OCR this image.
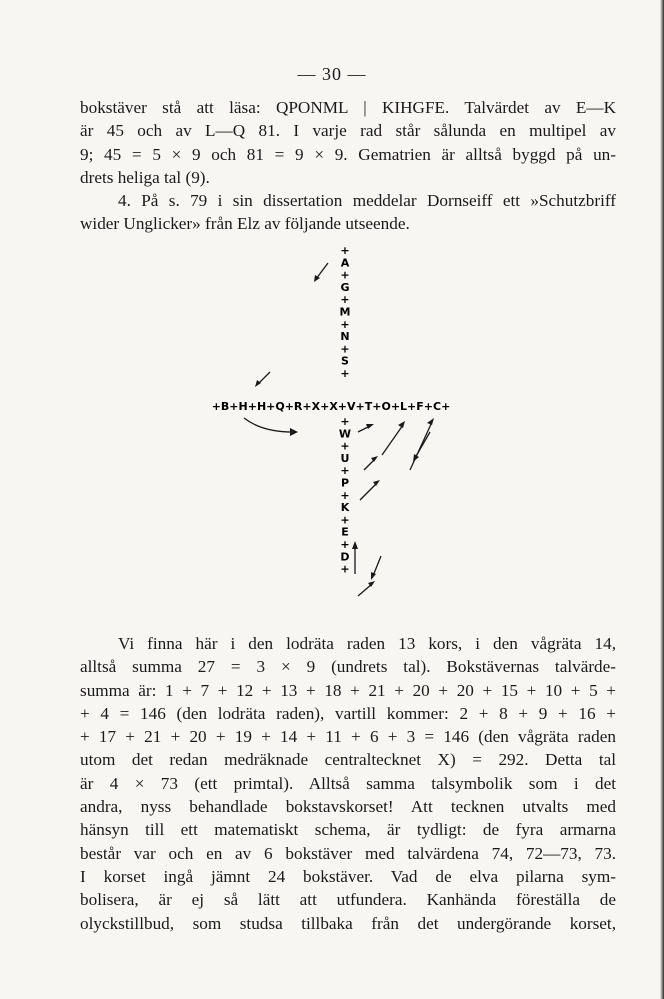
— 30 —
bokstäver stå att läsa: QPONML | KIHGFE. Talvärdet av E—K
är 45 och av L—Q 81. I varje rad står sålunda en multipel av
9; 45 = 5 × 9 och 81 = 9 × 9. Gematrien är alltså byggd på un-
drets heliga tal (9).
4. På s. 79 i sin dissertation meddelar Dornseiff ett »Schutzbriff
wider Unglicker» från Elz av följande utseende.
+
A
+
G
+
M
+
N
+
S
+
+B+H+H+Q+R+X+X+V+T+O+L+F+C+
+
W
+
U
+
P
+
K
+
E
+
D
+
Vi finna här i den lodräta raden 13 kors, i den vågräta 14,
alltså summa 27 = 3 × 9 (undrets tal). Bokstävernas talvärde-
summa är: 1 + 7 + 12 + 13 + 18 + 21 + 20 + 20 + 15 + 10 + 5 +
+ 4 = 146 (den lodräta raden), vartill kommer: 2 + 8 + 9 + 16 +
+ 17 + 21 + 20 + 19 + 14 + 11 + 6 + 3 = 146 (den vågräta raden
utom det redan medräknade centraltecknet X) = 292. Detta tal
är 4 × 73 (ett primtal). Alltså samma talsymbolik som i det
andra, nyss behandlade bokstavskorset! Att tecknen utvalts med
hänsyn till ett matematiskt schema, är tydligt: de fyra armarna
består var och en av 6 bokstäver med talvärdena 74, 72—73, 73.
I korset ingå jämnt 24 bokstäver. Vad de elva pilarna sym-
bolisera, är ej så lätt att utfundera. Kanhända föreställa de
olyckstillbud, som studsa tillbaka från det undergörande korset,
